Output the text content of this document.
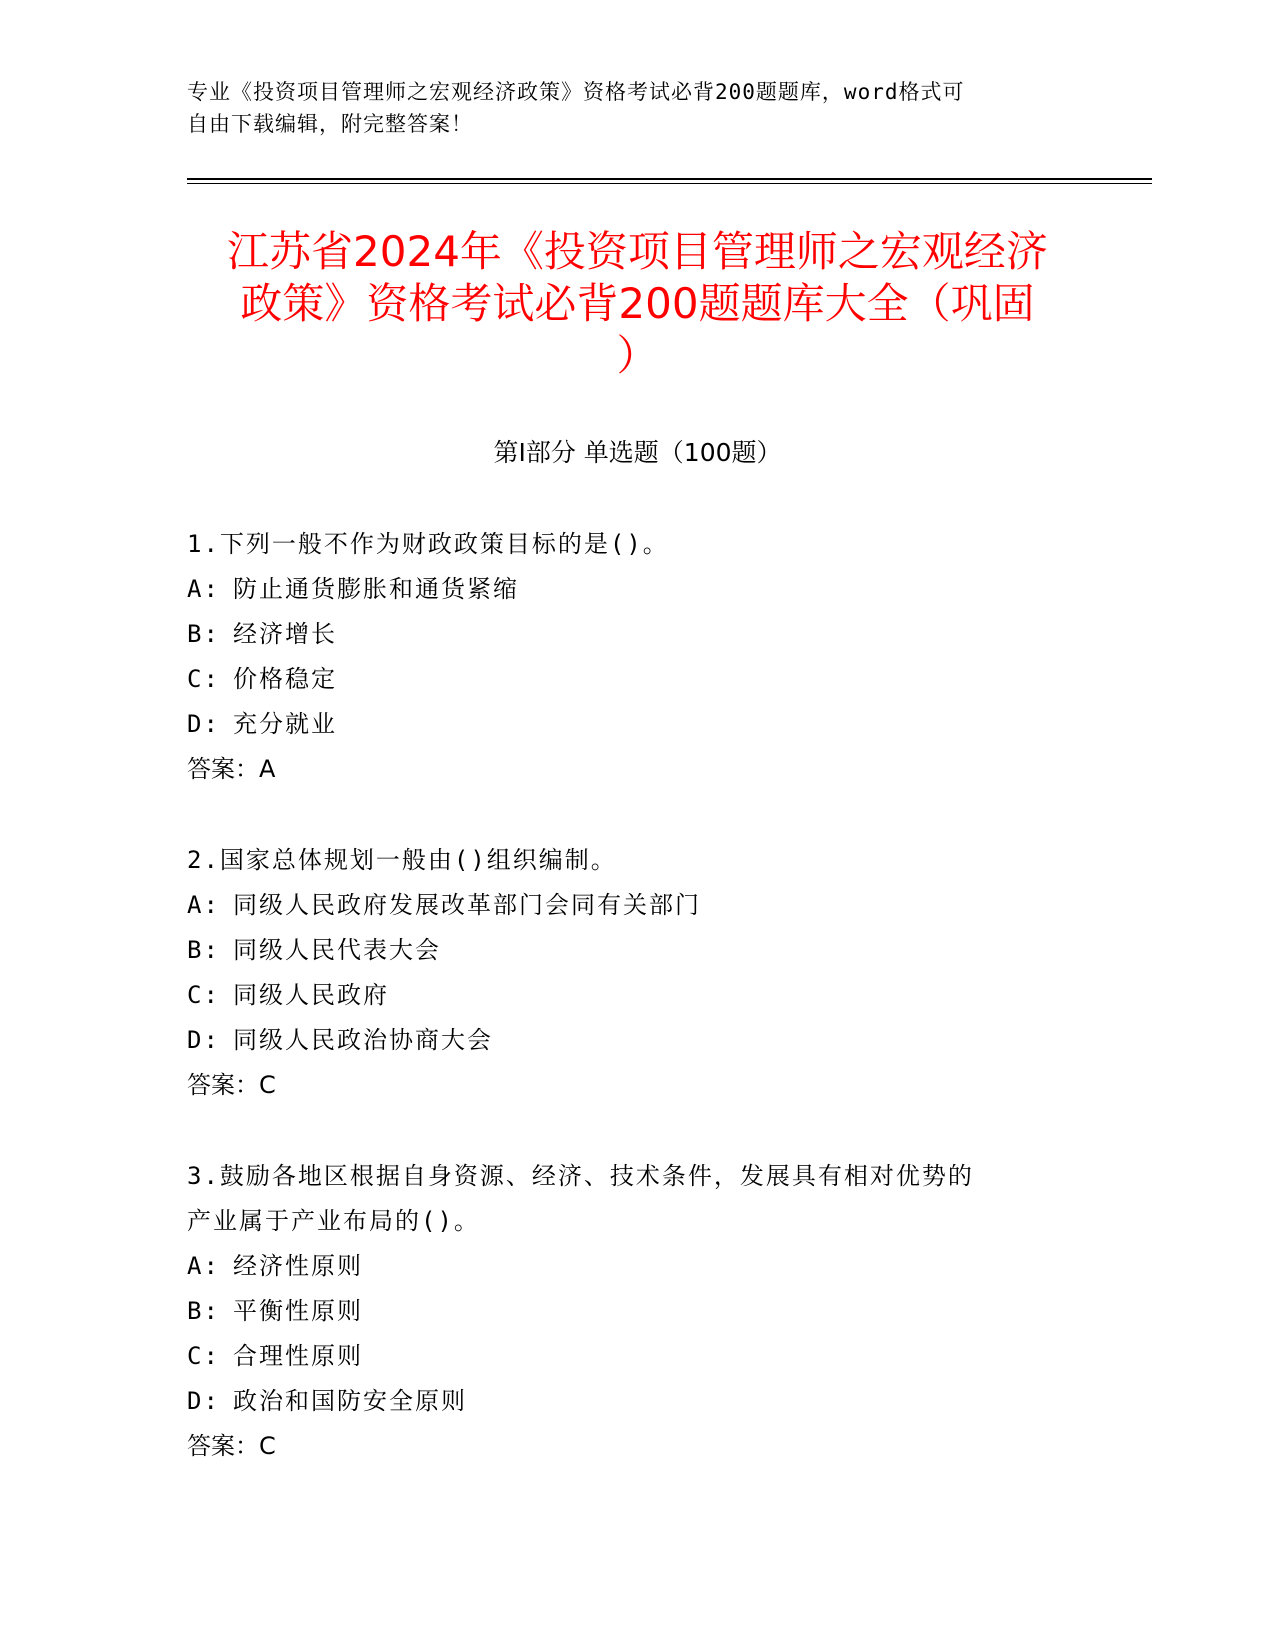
专业《投资项目管理师之宏观经济政策》资格考试必背200题题库，word格式可
自由下载编辑，附完整答案！
江苏省2024年《投资项目管理师之宏观经济
政策》资格考试必背200题题库大全（巩固
）
第Ⅰ部分 单选题（100题）
1.下列一般不作为财政政策目标的是()。
A: 防止通货膨胀和通货紧缩
B: 经济增长
C: 价格稳定
D: 充分就业
答案：A
2.国家总体规划一般由()组织编制。
A: 同级人民政府发展改革部门会同有关部门
B: 同级人民代表大会
C: 同级人民政府
D: 同级人民政治协商大会
答案：C
3.鼓励各地区根据自身资源、经济、技术条件，发展具有相对优势的
产业属于产业布局的()。
A: 经济性原则
B: 平衡性原则
C: 合理性原则
D: 政治和国防安全原则
答案：C
